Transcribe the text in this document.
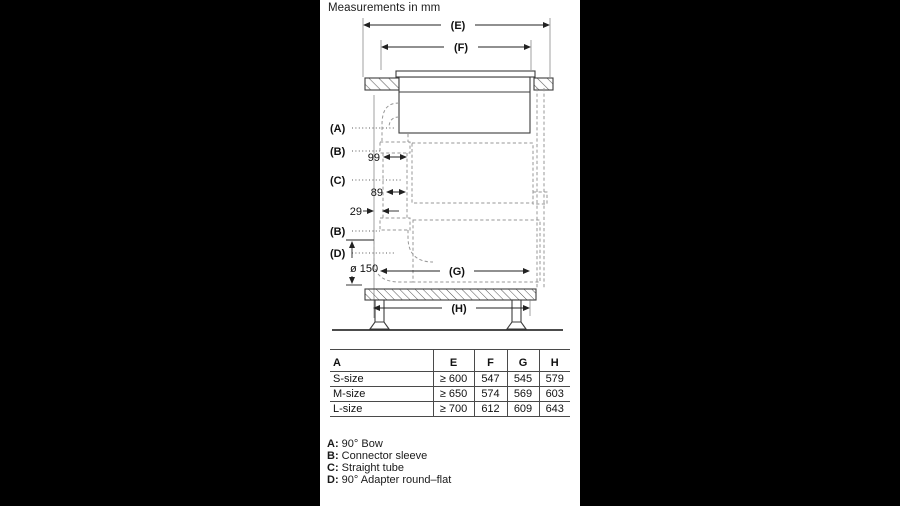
Measurements in mm
(E)
(F)
(G)
(H)
(A)
(B) 99
(C)
89
29
(B)
(D)
ø 150
A	E	F	G	H
S-size	≥ 600	547	545	579
M-size	≥ 650	574	569	603
L-size	≥ 700	612	609	643
A: 90° Bow
B: Connector sleeve
C: Straight tube
D: 90° Adapter round–flat
